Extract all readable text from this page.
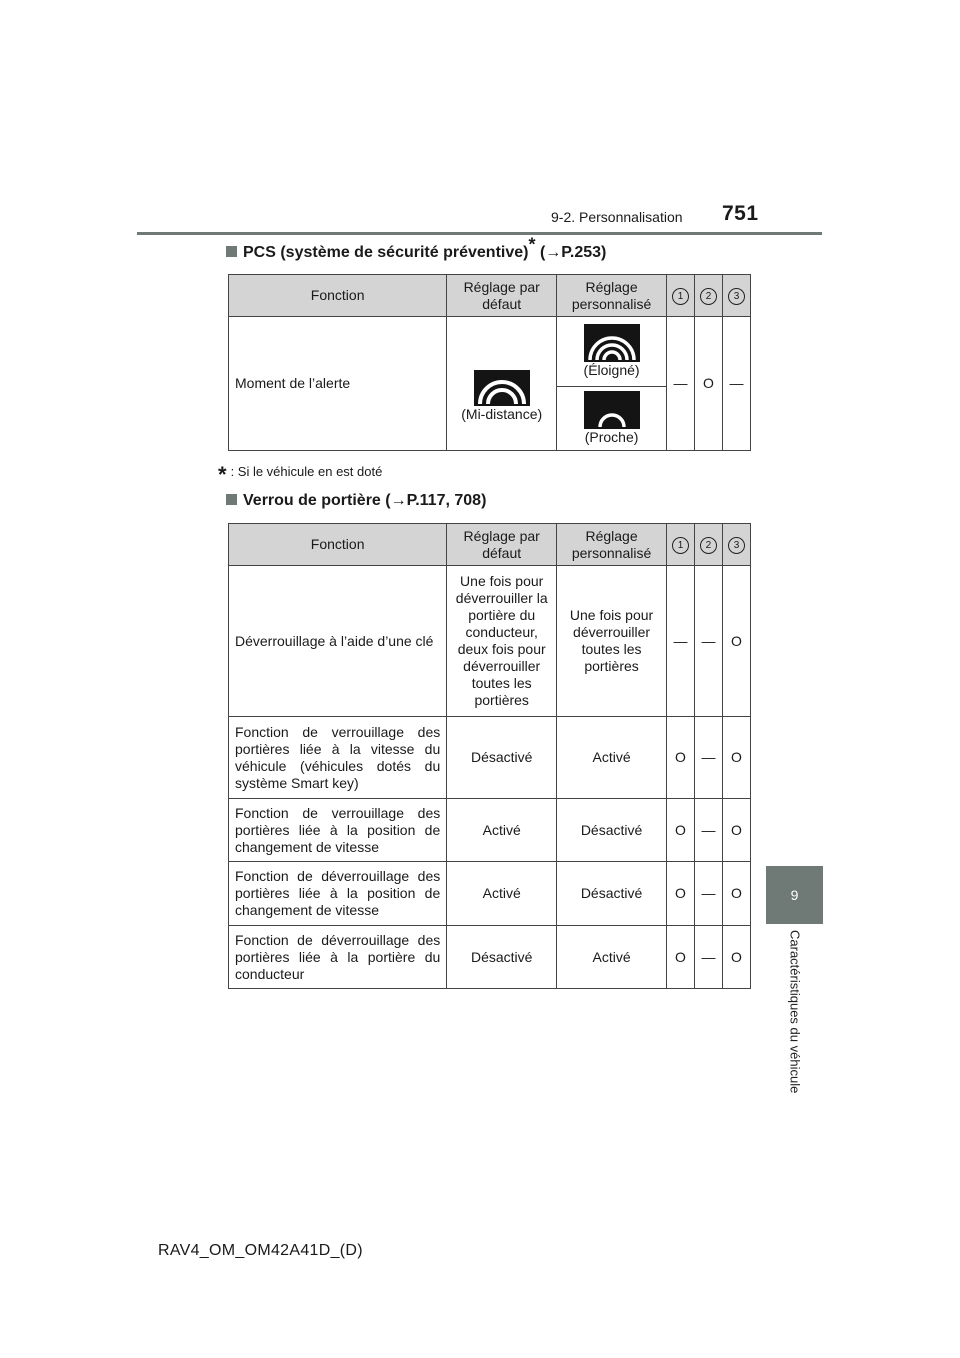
9-2. Personnalisation 751
9
Caractéristiques du véhicule
PCS (système de sécurité préventive)* (→P.253)
Fonction	Réglage par défaut	Réglage personnalisé	1	2	3
Moment de l’alerte	(Mi-distance)	(Éloigné)	—	O	—

(Proche)			
* : Si le véhicule en est doté
Verrou de portière (→P.117, 708)
Fonction	Réglage par défaut	Réglage personnalisé	1	2	3
Déverrouillage à l’aide d’une clé	Une fois pour déverrouiller la portière du conducteur, deux fois pour déverrouiller toutes les portières	Une fois pour déverrouiller toutes les portières	—	—	O
Fonction de verrouillage des portières liée à la vitesse du véhicule (véhicules dotés du système Smart key)	Désactivé	Activé	O	—	O
Fonction de verrouillage des portières liée à la position de changement de vitesse	Activé	Désactivé	O	—	O
Fonction de déverrouillage des portières liée à la position de changement de vitesse	Activé	Désactivé	O	—	O
Fonction de déverrouillage des portières liée à la portière du conducteur	Désactivé	Activé	O	—	O
RAV4_OM_OM42A41D_(D)
